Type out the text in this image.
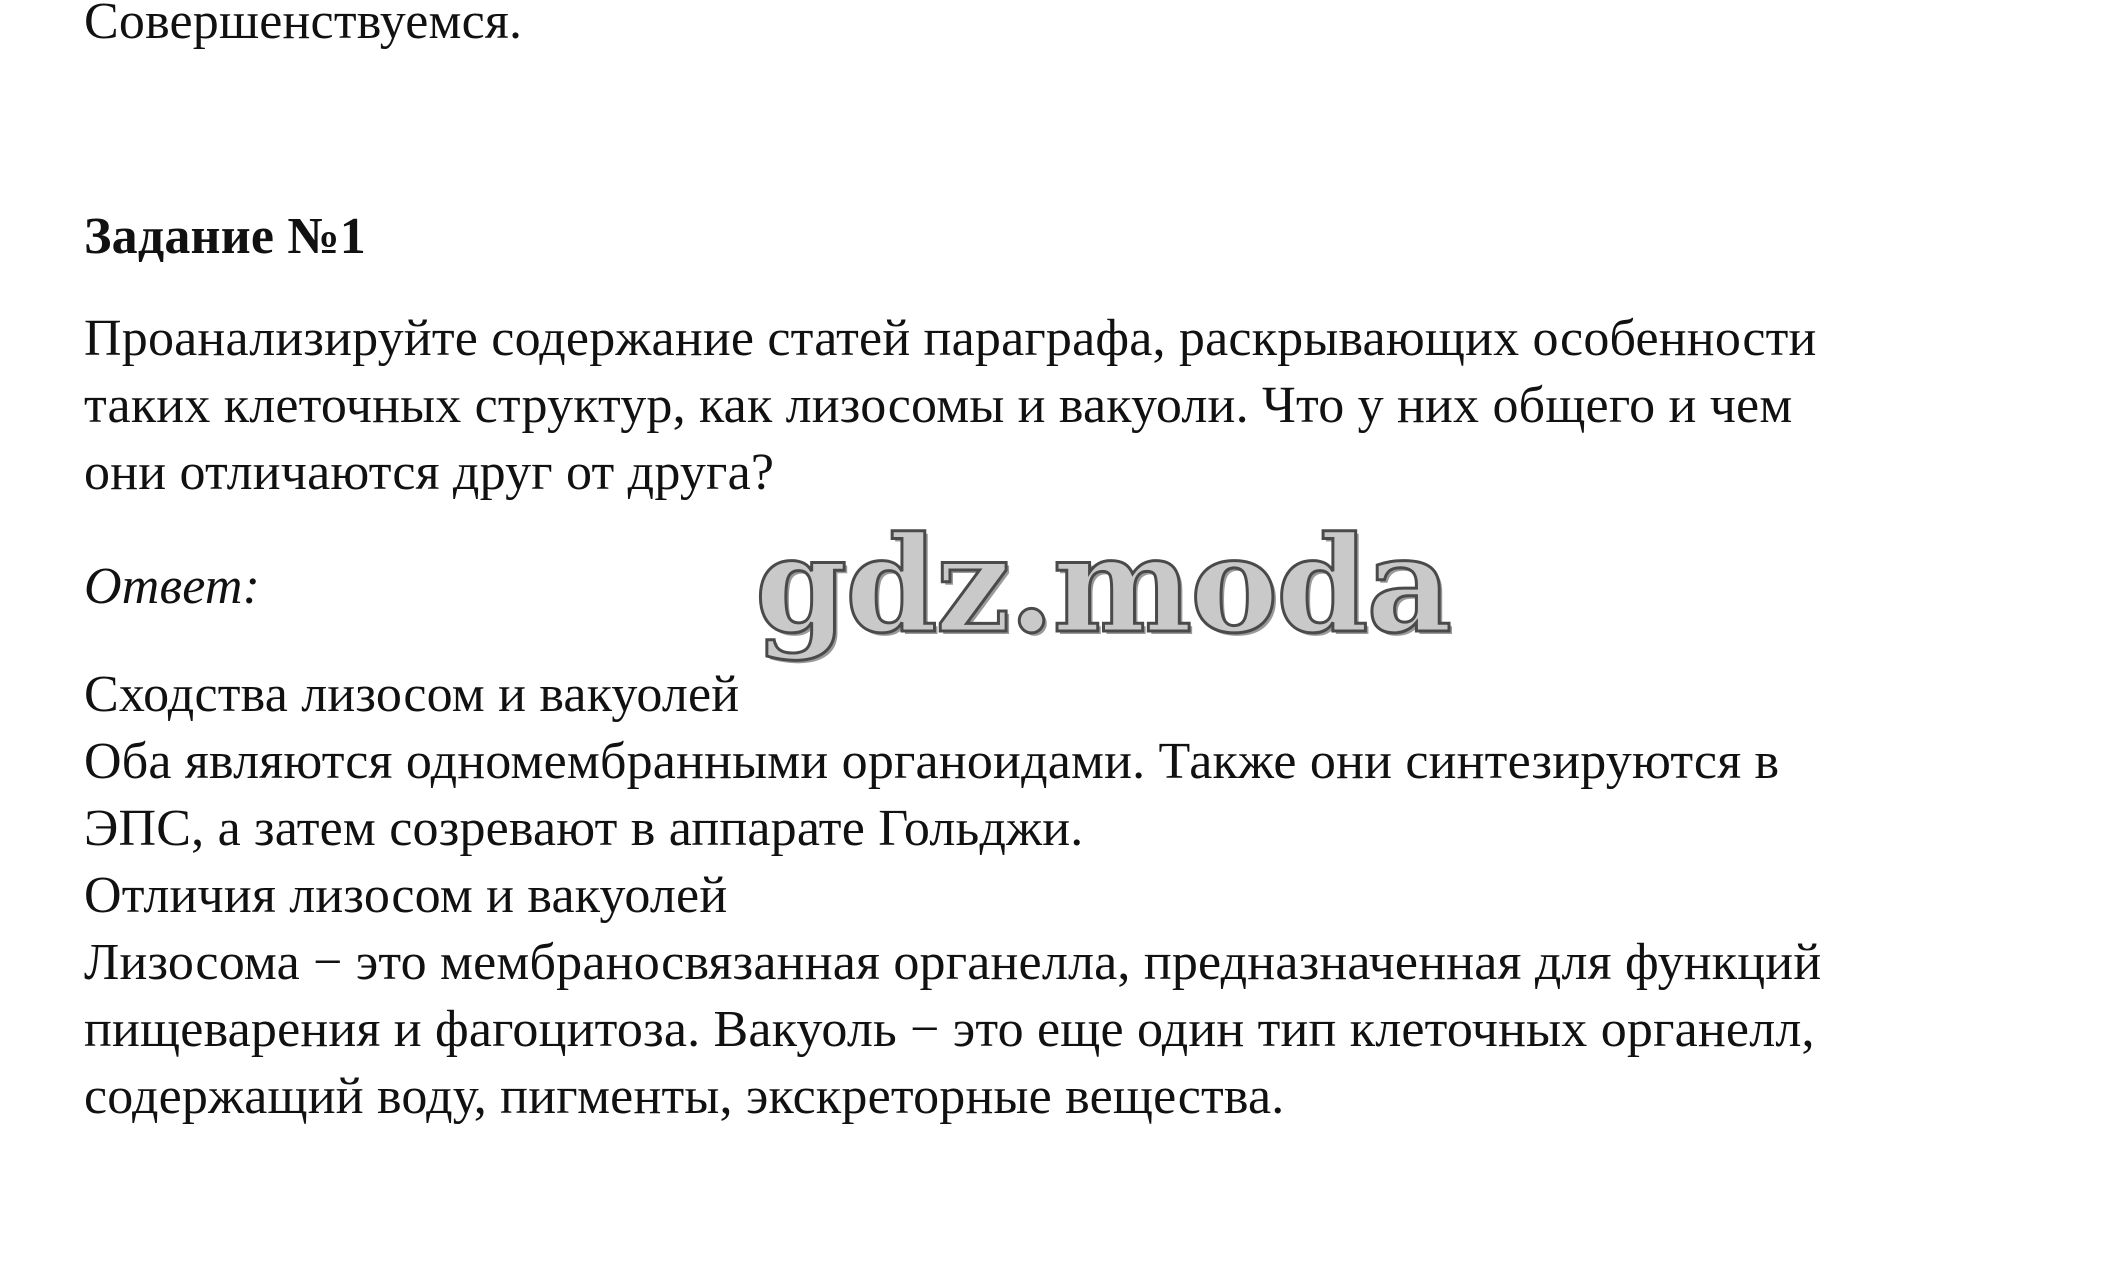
Совершенствуемся.
Задание №1
Проанализируйте содержание статей параграфа, раскрывающих особенности
таких клеточных структур, как лизосомы и вакуоли. Что у них общего и чем
они отличаются друг от друга?
Ответ:	gdz.moda
Сходства лизосом и вакуолей
Оба являются одномембранными органоидами. Также они синтезируются в
ЭПС, а затем созревают в аппарате Гольджи.
Отличия лизосом и вакуолей
Лизосома − это мембраносвязанная органелла, предназначенная для функций
пищеварения и фагоцитоза. Вакуоль − это еще один тип клеточных органелл,
содержащий воду, пигменты, экскреторные вещества.
